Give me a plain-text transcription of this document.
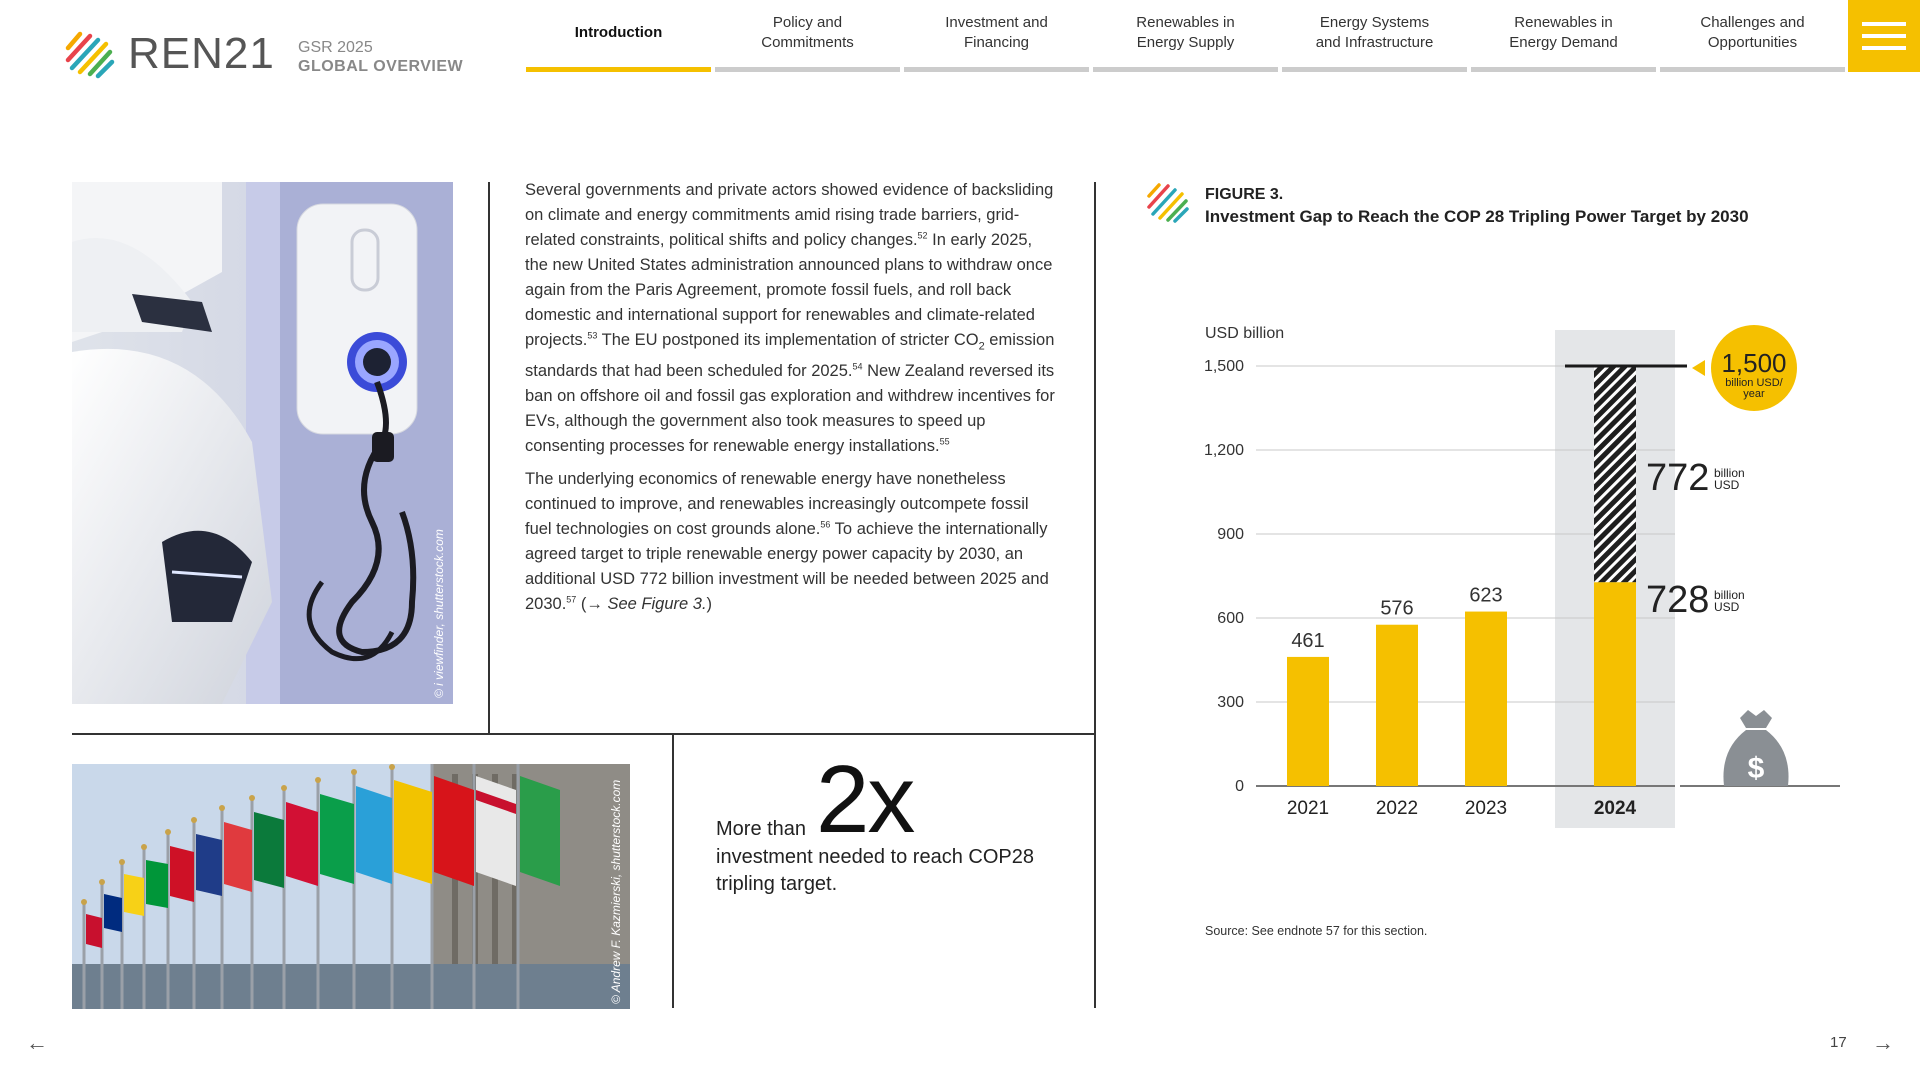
REN21 GSR 2025
GLOBAL OVERVIEW
Introduction
Policy and
Commitments
Investment and
Financing
Renewables in
Energy Supply
Energy Systems
and Infrastructure
Renewables in
Energy Demand
Challenges and
Opportunities
© i viewfinder, shutterstock.com
© Andrew F. Kazmierski, shutterstock.com

Several governments and private actors showed evidence of backsliding on climate and energy commitments amid rising trade barriers, grid-related constraints, political shifts and policy changes.$^{52}$ In early 2025, the new United States administration announced plans to withdraw once again from the Paris Agreement, promote fossil fuels, and roll back domestic and international support for renewables and climate-related projects.$^{53}$ The EU postponed its implementation of stricter $CO_2$ emission standards that had been scheduled for 2025.54 New Zealand reversed its ban on offshore oil and fossil gas exploration and withdrew incentives for EVs, although the government also took measures to speed up consenting processes for renewable energy installations.$^{55}$

The underlying economics of renewable energy have nonetheless continued to improve, and renewables increasingly outcompete fossil fuel technologies on cost grounds alone.$^{56}$ To achieve the internationally agreed target to triple renewable energy power capacity by 2030, an additional USD 772 billion investment will be needed between 2025 and 2030.57 (→ See Figure 3.)

2x
More than
investment needed to reach COP28 tripling target.
FIGURE 3.
Investment Gap to Reach the COP 28 Tripling Power Target by 2030
1,500
1,200
900
600
300
0
2021
461
2022
576
2023
623
2024
772 billion
USD
728 billion
USD
1,500
billion USD/
year
$
USD billion
Source: See endnote 57 for this section.
←	17 →
